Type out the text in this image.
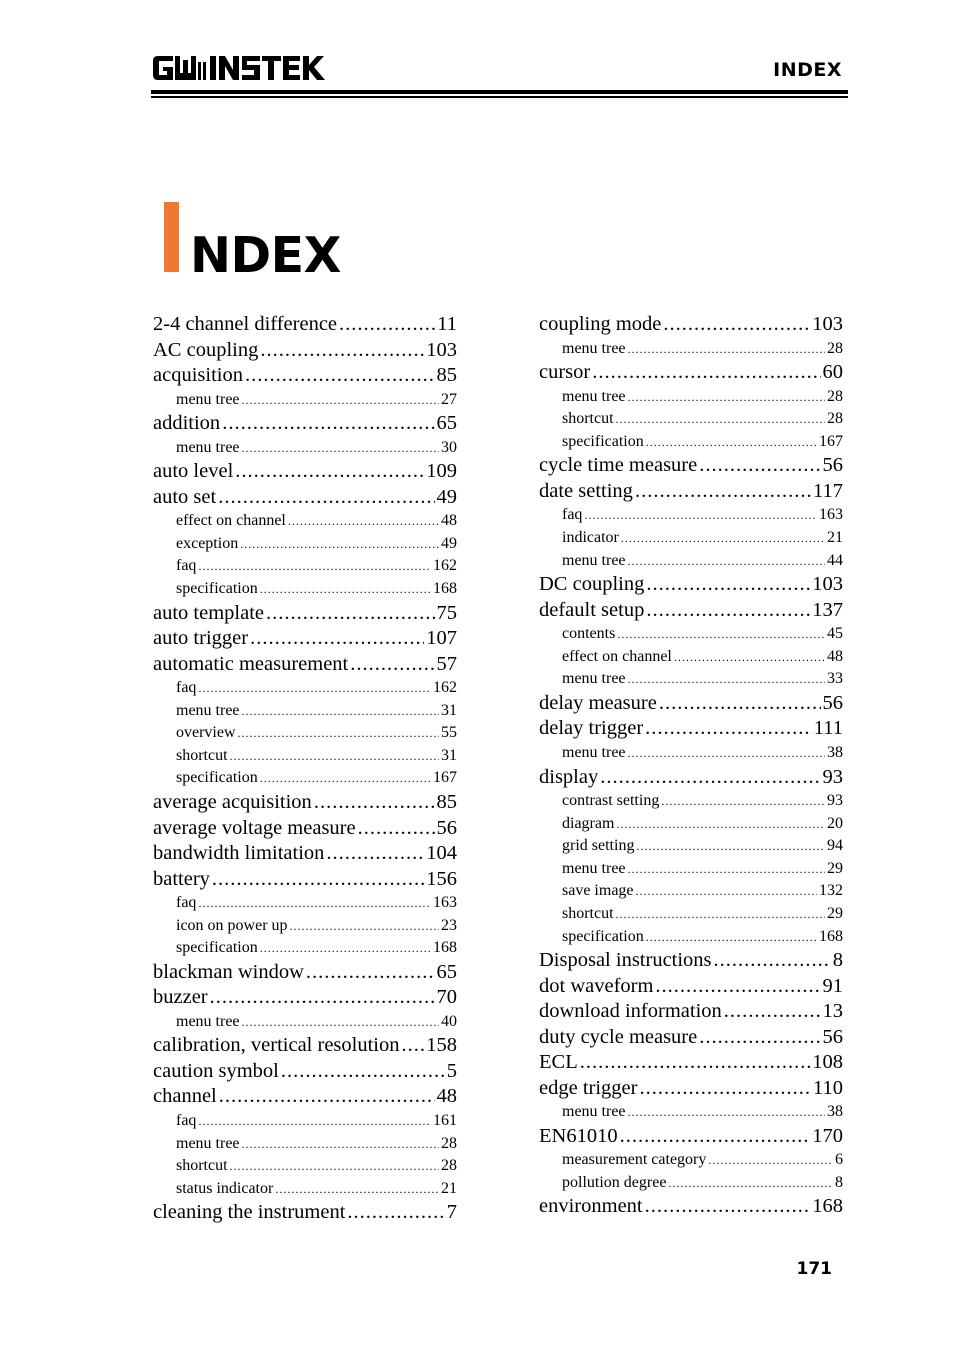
INDEX
NDEX
2-4 channel difference .....	11
AC coupling .....	103
acquisition .....	85
menu tree .....	27
addition .....	65
menu tree .....	30
auto level .....	109
auto set .....	49
effect on channel .....	48
exception .....	49
faq .....	162
specification .....	168
auto template .....	75
auto trigger .....	107
automatic measurement .....	57
faq .....	162
menu tree .....	31
overview .....	55
shortcut .....	31
specification .....	167
average acquisition .....	85
average voltage measure .....	56
bandwidth limitation .....	104
battery .....	156
faq .....	163
icon on power up .....	23
specification .....	168
blackman window .....	65
buzzer .....	70
menu tree .....	40
calibration, vertical resolution ..... 158
caution symbol .....	5
channel .....	48
faq .....	161
menu tree .....	28
shortcut .....	28
status indicator .....	21
cleaning the instrument .....	7
coupling mode .....	103
menu tree .....	28
cursor .....	60
menu tree .....	28
shortcut .....	28
specification .....	167
cycle time measure .....	56
date setting .....	117
faq .....	163
indicator .....	21
menu tree .....	44
DC coupling .....	103
default setup .....	137
contents .....	45
effect on channel .....	48
menu tree .....	33
delay measure .....	56
delay trigger .....	111
menu tree .....	38
display .....	93
contrast setting .....	93
diagram .....	20
grid setting .....	94
menu tree .....	29
save image .....	132
shortcut .....	29
specification .....	168
Disposal instructions .....	8
dot waveform .....	91
download information .....	13
duty cycle measure .....	56
ECL .....	108
edge trigger .....	110
menu tree .....	38
EN61010 .....	170
measurement category .....	6
pollution degree .....	8
environment .....	168
171
